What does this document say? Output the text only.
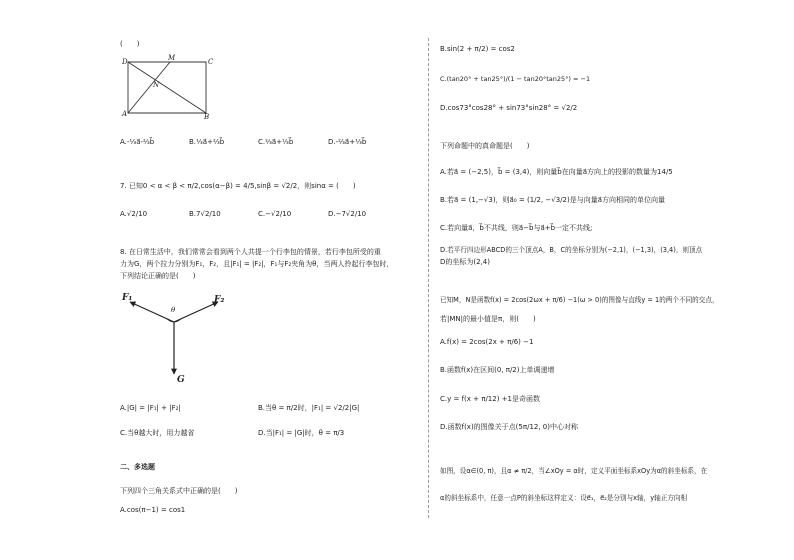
(　　)
D	C
A	B
M
N
A.-⅓a⃗-⅔b⃗	B.⅓a⃗+⅔b⃗	C.⅔a⃗+⅓b⃗	D.-⅔a⃗+⅓b⃗
7. 已知0 < α < β < π/2,cos(α−β) = 4/5,sinβ = √2/2，则sinα = (　　)
A.√2/10	B.7√2/10	C.−√2/10	D.−7√2/10
8. 在日常生活中，我们常常会看到两个人共提一个行李包的情景，若行李包所受的重
力为G，两个拉力分别为F₁，F₂，且|F₁| = |F₂|，F₁与F₂夹角为θ，当两人拎起行李包时，
下列结论正确的是(　　)
F₁	F₂
θ
G
A.|G| = |F₁| + |F₂|	B.当θ = π/2时，|F₁| = √2/2|G|
C.当θ越大时，用力越省	D.当|F₁| = |G|时，θ = π/3
二、多选题
下列四个三角关系式中正确的是(　　)
A.cos(π−1) = cos1
B.sin(2 + π/2) = cos2
C.(tan20° + tan25°)/(1 − tan20°tan25°) = −1
D.cos73°cos28° + sin73°sin28° = √2/2
下列命题中的真命题是(　　)
A.若a⃗ = (−2,5)，b⃗ = (3,4)，则向量b⃗在向量a⃗方向上的投影的数量为14/5
B.若a⃗ = (1,−√3)，则a⃗₀ = (1/2, −√3/2)是与向量a⃗方向相同的单位向量
C.若向量a⃗，b⃗不共线，则a⃗−b⃗与a⃗+b⃗一定不共线;
D.若平行四边形ABCD的三个顶点A，B，C的坐标分别为(−2,1)，(−1,3)，(3,4)，则顶点
D的坐标为(2,4)
已知M，N是函数f(x) = 2cos(2ωx + π/6) −1(ω > 0)的图像与直线y = 1的两个不同的交点，
若|MN|的最小值是π，则(　　)
A.f(x) = 2cos(2x + π/6) −1
B.函数f(x)在区间(0, π/2)上单调递增
C.y = f(x + π/12) +1是奇函数
D.函数f(x)的图像关于点(5π/12, 0)中心对称
如图，设α∈(0, π)，且α ≠ π/2，当∠xOy = α时，定义平面坐标系xOy为α的斜坐标系，在
α的斜坐标系中，任意一点P的斜坐标这样定义：设e⃗₁，e⃗₂是分别与x轴，y轴正方向相
